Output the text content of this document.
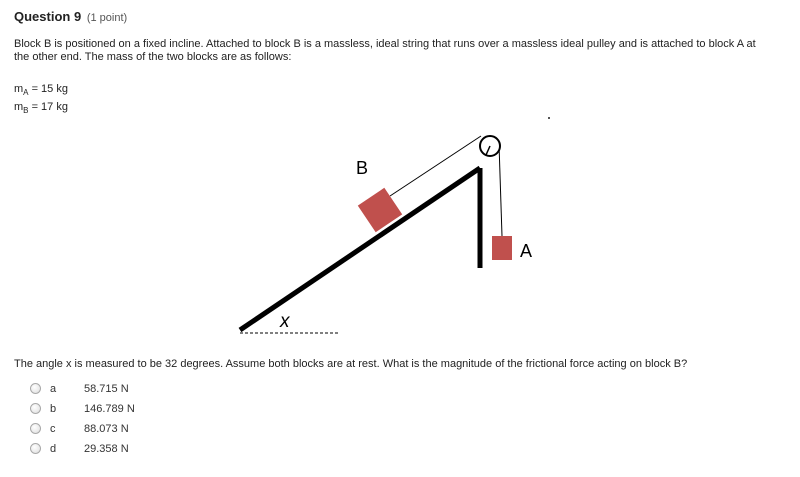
Question 9 (1 point)
Block B is positioned on a fixed incline. Attached to block B is a massless, ideal string that runs over a massless ideal pulley and is attached to block A at the other end. The mass of the two blocks are as follows:
$m_A = 15$ kg
$m_B = 17$ kg
B
A
x
The angle x is measured to be 32 degrees. Assume both blocks are at rest. What is the magnitude of the frictional force acting on block B?
a	58.715 N
b	146.789 N
c	88.073 N
d	29.358 N
